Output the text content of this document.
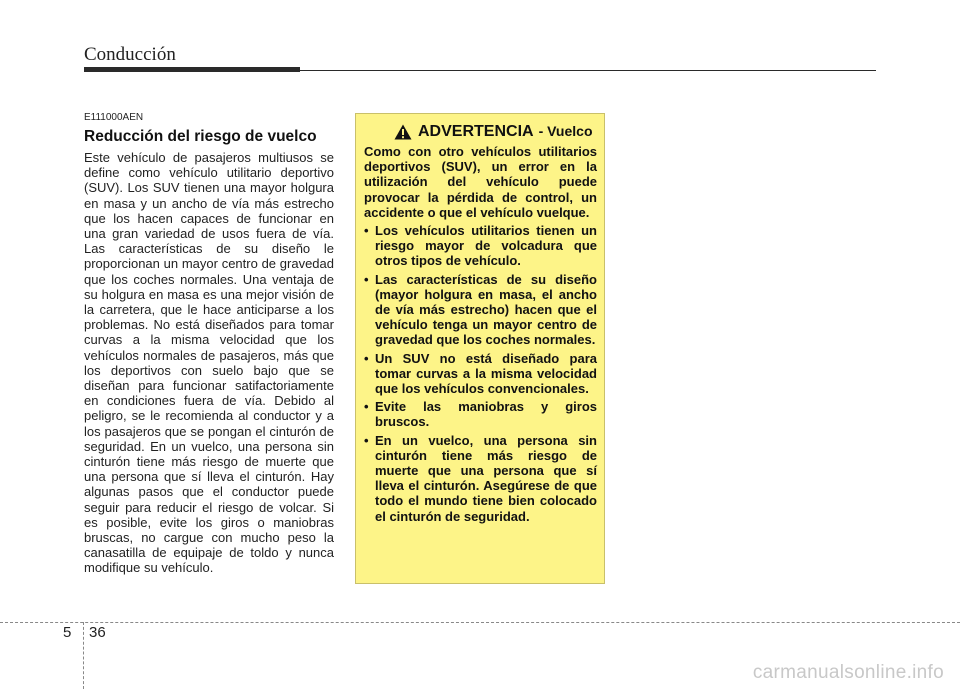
Conducción
E111000AEN
Reducción del riesgo de vuelco
Este vehículo de pasajeros multiusos se define como vehículo utilitario deportivo (SUV). Los SUV tienen una mayor holgura en masa y un ancho de vía más estrecho que los hacen capaces de funcionar en una gran variedad de usos fuera de vía. Las características de su diseño le proporcionan un mayor centro de gravedad que los coches normales. Una ventaja de su holgura en masa es una mejor visión de la carretera, que le hace anticiparse a los problemas. No está diseñados para tomar curvas a la misma velocidad que los vehículos normales de pasajeros, más que los deportivos con suelo bajo que se diseñan para funcionar satifactoriamente en condiciones fuera de vía. Debido al peligro, se le recomienda al conductor y a los pasajeros que se pongan el cinturón de seguridad. En un vuelco, una persona sin cinturón tiene más riesgo de muerte que una persona que sí lleva el cinturón. Hay algunas pasos que el conductor puede seguir para reducir el riesgo de volcar. Si es posible, evite los giros o maniobras bruscas, no cargue con mucho peso la canasatilla de equipaje de toldo y nunca modifique su vehículo.
ADVERTENCIA - Vuelco
Como con otro vehículos utilitarios deportivos (SUV), un error en la utilización del vehículo puede provocar la pérdida de control, un accidente o que el vehículo vuelque.
• Los vehículos utilitarios tienen un riesgo mayor de volcadura que otros tipos de vehículo.
• Las características de su diseño (mayor holgura en masa, el ancho de vía más estrecho) hacen que el vehículo tenga un mayor centro de gravedad que los coches normales.
• Un SUV no está diseñado para tomar curvas a la misma velocidad que los vehículos convencionales.
• Evite las maniobras y giros bruscos.
• En un vuelco, una persona sin cinturón tiene más riesgo de muerte que una persona que sí lleva el cinturón. Asegúrese de que todo el mundo tiene bien colocado el cinturón de seguridad.
5 36
carmanualsonline.info
